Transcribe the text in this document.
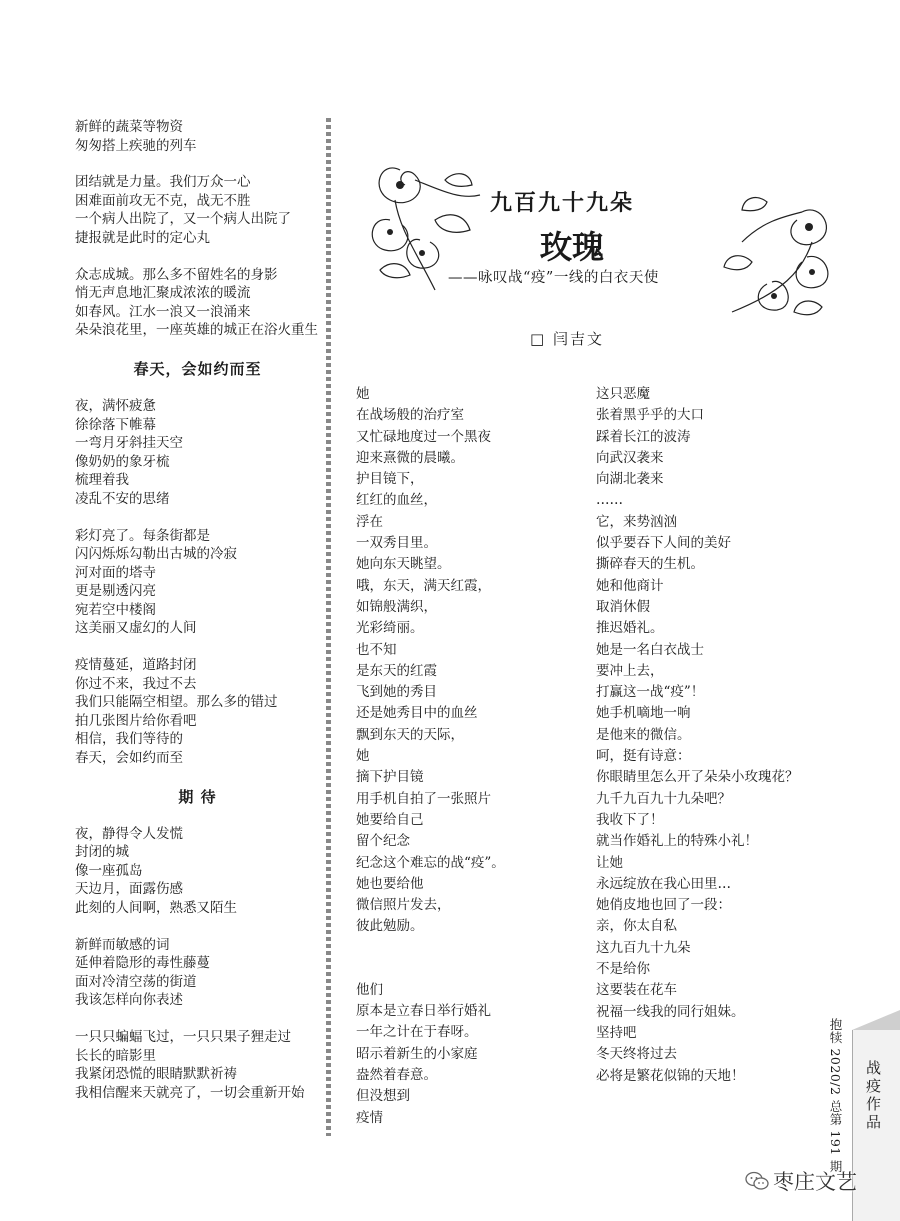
新鲜的蔬菜等物资
匆匆搭上疾驰的列车
团结就是力量。我们万众一心
困难面前攻无不克，战无不胜
一个病人出院了，又一个病人出院了
捷报就是此时的定心丸
众志成城。那么多不留姓名的身影
悄无声息地汇聚成浓浓的暖流
如春风。江水一浪又一浪涌来
朵朵浪花里，一座英雄的城正在浴火重生
春天，会如约而至
夜，满怀疲惫
徐徐落下帷幕
一弯月牙斜挂天空
像奶奶的象牙梳
梳理着我
凌乱不安的思绪
彩灯亮了。每条街都是
闪闪烁烁勾勒出古城的冷寂
河对面的塔寺
更是剔透闪亮
宛若空中楼阁
这美丽又虚幻的人间
疫情蔓延，道路封闭
你过不来，我过不去
我们只能隔空相望。那么多的错过
拍几张图片给你看吧
相信，我们等待的
春天，会如约而至
期 待
夜，静得令人发慌
封闭的城
像一座孤岛
天边月，面露伤感
此刻的人间啊，熟悉又陌生
新鲜而敏感的词
延伸着隐形的毒性藤蔓
面对冷清空荡的街道
我该怎样向你表述
一只只蝙蝠飞过，一只只果子狸走过
长长的暗影里
我紧闭恐慌的眼睛默默祈祷
我相信醒来天就亮了，一切会重新开始
九百九十九朵
玫瑰
——咏叹战“疫”一线的白衣天使
□ 闫吉文
她
在战场般的治疗室
又忙碌地度过一个黑夜
迎来熹微的晨曦。
护目镜下，
红红的血丝，
浮在
一双秀目里。
她向东天眺望。
哦，东天，满天红霞，
如锦般满织，
光彩绮丽。
也不知
是东天的红霞
飞到她的秀目
还是她秀目中的血丝
飘到东天的天际，
她
摘下护目镜
用手机自拍了一张照片
她要给自己
留个纪念
纪念这个难忘的战“疫”。
她也要给他
微信照片发去，
彼此勉励。
他们
原本是立春日举行婚礼
一年之计在于春呀。
昭示着新生的小家庭
盎然着春意。
但没想到
疫情
这只恶魔
张着黑乎乎的大口
踩着长江的波涛
向武汉袭来
向湖北袭来
……
它，来势汹汹
似乎要吞下人间的美好
撕碎春天的生机。
她和他商计
取消休假
推迟婚礼。
她是一名白衣战士
要冲上去，
打赢这一战“疫”！
她手机嘀地一响
是他来的微信。
呵，挺有诗意：
你眼睛里怎么开了朵朵小玫瑰花？
九千九百九十九朵吧？
我收下了！
就当作婚礼上的特殊小礼！
让她
永远绽放在我心田里…
她俏皮地也回了一段：
亲，你太自私
这九百九十九朵
不是给你
这要装在花车
祝福一线我的同行姐妹。
坚持吧
冬天终将过去
必将是繁花似锦的天地！	抱犊 2020/2 总第 191 期 战疫作品
枣庄文艺
